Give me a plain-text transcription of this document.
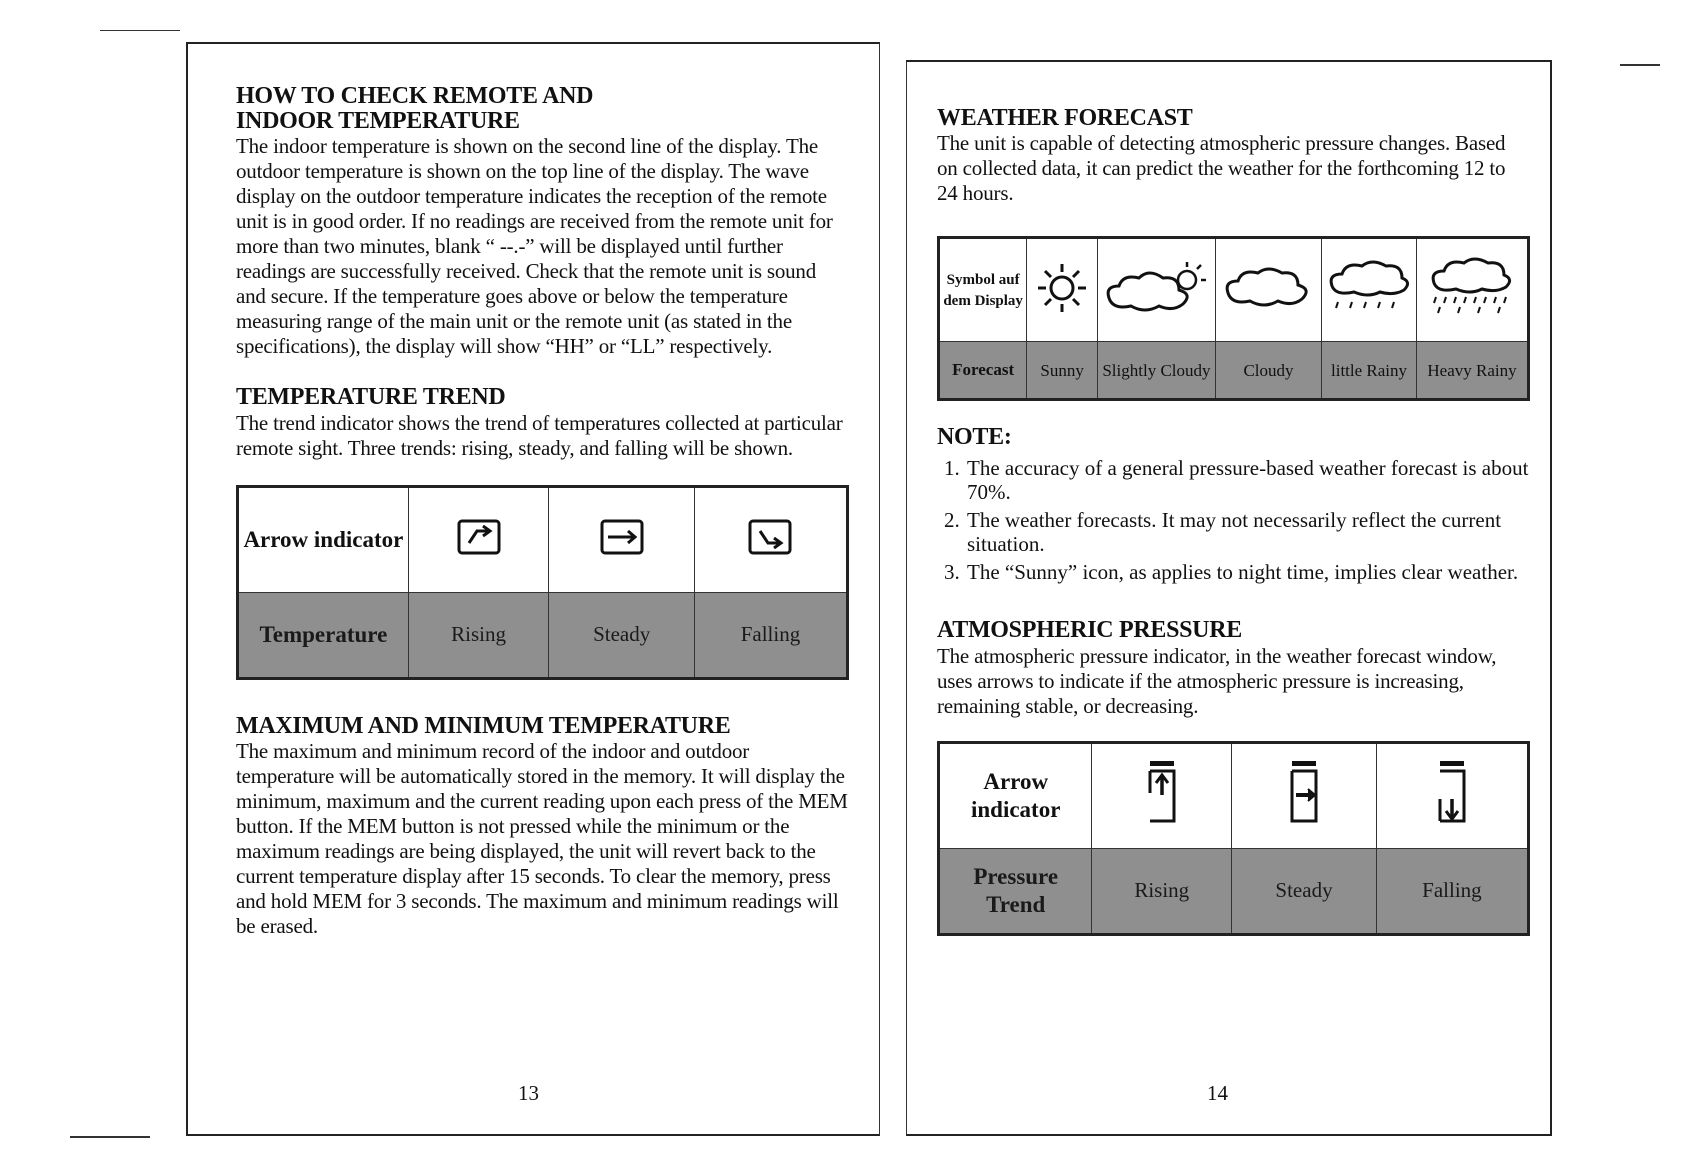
HOW TO CHECK REMOTE AND INDOOR TEMPERATURE

The indoor temperature is shown on the second line of the display. The outdoor temperature is shown on the top line of the display. The wave display on the outdoor temperature indicates the reception of the remote unit is in good order. If no readings are received from the remote unit for more than two minutes, blank “ --.-” will be displayed until further readings are successfully received. Check that the remote unit is sound and secure. If the temperature goes above or below the temperature measuring range of the main unit or the remote unit (as stated in the specifications), the display will show “HH” or “LL” respectively.

TEMPERATURE TREND

The trend indicator shows the trend of temperatures collected at particular remote sight. Three trends: rising, steady, and falling will be shown.

Arrow indicator			
Temperature	Rising	Steady	Falling
MAXIMUM AND MINIMUM TEMPERATURE

The maximum and minimum record of the indoor and outdoor temperature will be automatically stored in the memory. It will display the minimum, maximum and the current reading upon each press of the MEM button. If the MEM button is not pressed while the minimum or the maximum readings are being displayed, the unit will revert back to the current temperature display after 15 seconds. To clear the memory, press and hold MEM for 3 seconds. The maximum and minimum readings will be erased.

13
WEATHER FORECAST

The unit is capable of detecting atmospheric pressure changes. Based on collected data, it can predict the weather for the forthcoming 12 to 24 hours.

Symbol auf dem Display					
Forecast	Sunny	Slightly Cloudy	Cloudy	little Rainy	Heavy Rainy
NOTE:
1. The accuracy of a general pressure-based weather forecast is about 70%.
2. The weather forecasts. It may not necessarily reflect the current situation.
3. The “Sunny” icon, as applies to night time, implies clear weather.
ATMOSPHERIC PRESSURE

The atmospheric pressure indicator, in the weather forecast window, uses arrows to indicate if the atmospheric pressure is increasing, remaining stable, or decreasing.

Arrow indicator			
Pressure Trend	Rising	Steady	Falling
14
